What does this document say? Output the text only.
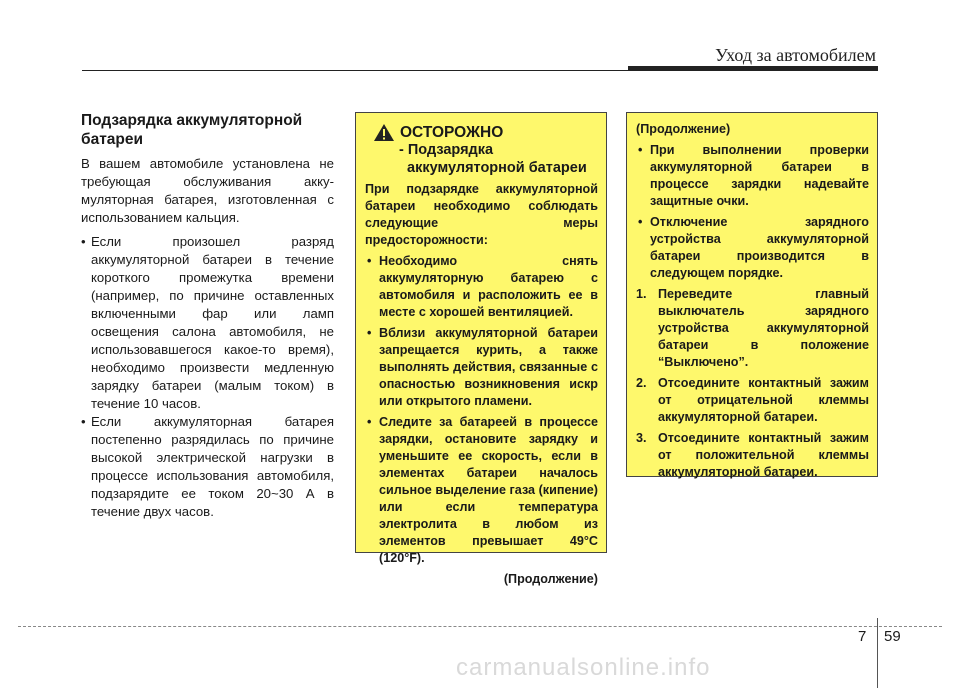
Уход за автомобилем
Подзарядка аккумуляторной батареи

В вашем автомобиле установлена не требующая обслуживания аккумуляторная батарея, изготовленная с использованием кальция.

• Если произошел разряд аккумуляторной батареи в течение короткого промежутка времени (например, по причине оставленных включенными фар или ламп освещения салона автомобиля, не использовавшегося какое-то время), необходимо произвести медленную зарядку батареи (малым током) в течение 10 часов.
• Если аккумуляторная батарея постепенно разрядилась по причине высокой электрической нагрузки в процессе использования автомобиля, подзарядите ее током 20~30 А в течение двух часов.
ОСТОРОЖНО
- Подзарядка
аккумуляторной батареи

При подзарядке аккумуляторной батареи необходимо соблюдать следующие меры предосторожности:

• Необходимо снять аккумуляторную батарею с автомобиля и расположить ее в месте с хорошей вентиляцией.
• Вблизи аккумуляторной батареи запрещается курить, а также выполнять действия, связанные с опасностью возникновения искр или открытого пламени.
• Следите за батареей в процессе зарядки, остановите зарядку и уменьшите ее скорость, если в элементах батареи началось сильное выделение газа (кипение) или если температура электролита в любом из элементов превышает 49°C (120°F).
(Продолжение)
(Продолжение)
• При выполнении проверки аккумуляторной батареи в процессе зарядки надевайте защитные очки.
• Отключение зарядного устройства аккумуляторной батареи производится в следующем порядке.
1. Переведите главный выключатель зарядного устройства аккумуляторной батареи в положение “Выключено”.
2. Отсоедините контактный зажим от отрицательной клеммы аккумуляторной батареи.
3. Отсоедините контактный зажим от положительной клеммы аккумуляторной батареи.
7 59
carmanualsonline.info
